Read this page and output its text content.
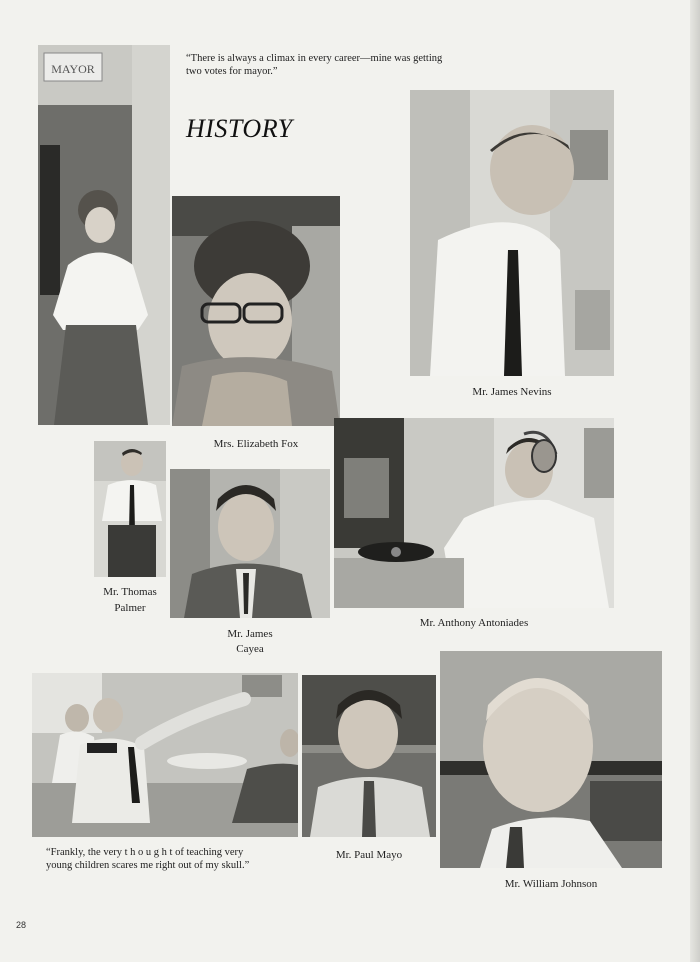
MAYOR
“There is always a climax in every career—mine was getting two votes for mayor.”
HISTORY
Mrs. Elizabeth Fox
Mr. James Nevins
Mr. Thomas
Palmer
Mr. James
Cayea
Mr. Anthony Antoniades
“Frankly, the very t h o u g h t of teaching very
young children scares me right out of my skull.”
Mr. Paul Mayo
Mr. William Johnson
28
